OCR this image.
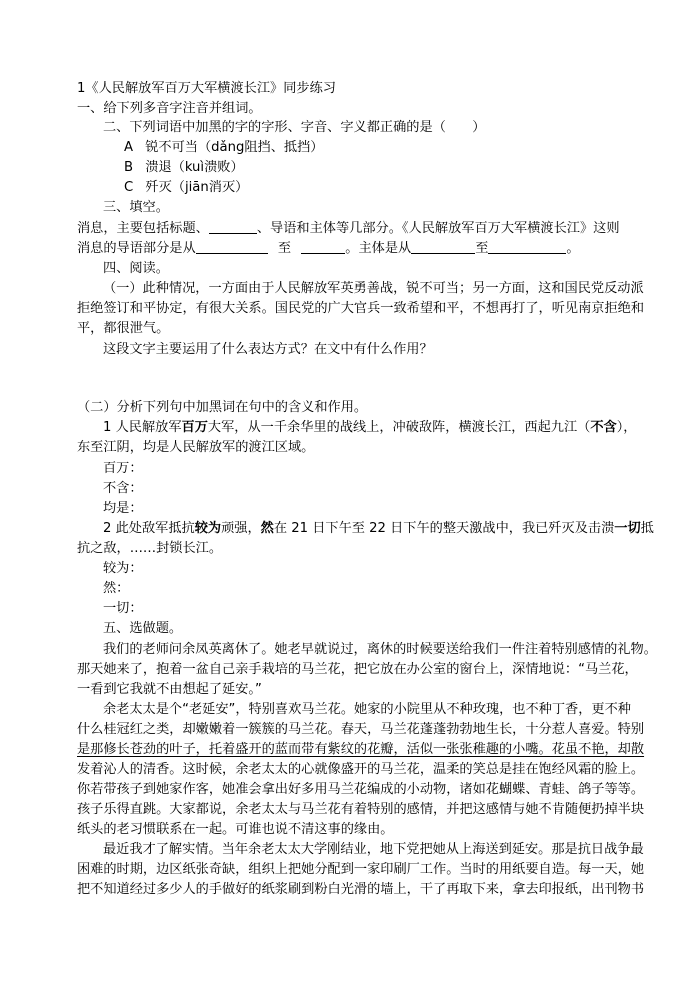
1《人民解放军百万大军横渡长江》同步练习
一、给下列多音字注音并组词。
二、下列词语中加黑的字的字形、字音、字义都正确的是（　　）
A 锐不可当（dǎng阻挡、抵挡）
B 溃退（kuì溃败）
C 歼灭（jiān消灭）
三、填空。
消息，主要包括标题、	、导语和主体等几部分。《人民解放军百万大军横渡长江》这则
消息的导语部分是从	至	。主体是从	至	。
四、阅读。
（一）此种情况，一方面由于人民解放军英勇善战，锐不可当；另一方面，这和国民党反动派
拒绝签订和平协定，有很大关系。国民党的广大官兵一致希望和平，不想再打了，听见南京拒绝和
平，都很泄气。
这段文字主要运用了什么表达方式？在文中有什么作用？
（二）分析下列句中加黑词在句中的含义和作用。
1 人民解放军百万大军，从一千余华里的战线上，冲破敌阵，横渡长江，西起九江（不含），
东至江阴，均是人民解放军的渡江区域。
百万：
不含：
均是：
2 此处敌军抵抗较为顽强，然在 21 日下午至 22 日下午的整天激战中，我已歼灭及击溃一切抵
抗之敌，……封锁长江。
较为：
然：
一切：
五、选做题。
我们的老师问余凤英离休了。她老早就说过，离休的时候要送给我们一件注着特别感情的礼物。
那天她来了，抱着一盆自己亲手栽培的马兰花，把它放在办公室的窗台上，深情地说：“马兰花，
一看到它我就不由想起了延安。”
余老太太是个“老延安”，特别喜欢马兰花。她家的小院里从不种玫瑰，也不种丁香，更不种
什么桂冠红之类，却嫩嫩着一簇簇的马兰花。春天，马兰花蓬蓬勃勃地生长，十分惹人喜爱。特别
是那修长苍劲的叶子，托着盛开的蓝而带有紫纹的花瓣，活似一张张稚趣的小嘴。花虽不艳，却散
发着沁人的清香。这时候，余老太太的心就像盛开的马兰花，温柔的笑总是挂在饱经风霜的脸上。
你若带孩子到她家作客，她准会拿出好多用马兰花编成的小动物，诸如花蝴蝶、青蛙、鸽子等等。
孩子乐得直跳。大家都说，余老太太与马兰花有着特别的感情，并把这感情与她不肯随便扔掉半块
纸头的老习惯联系在一起。可谁也说不清这事的缘由。
最近我才了解实情。当年余老太太大学刚结业，地下党把她从上海送到延安。那是抗日战争最
困难的时期，边区纸张奇缺，组织上把她分配到一家印刷厂工作。当时的用纸要自造。每一天，她
把不知道经过多少人的手做好的纸浆刷到粉白光滑的墙上，干了再取下来，拿去印报纸，出刊物书
